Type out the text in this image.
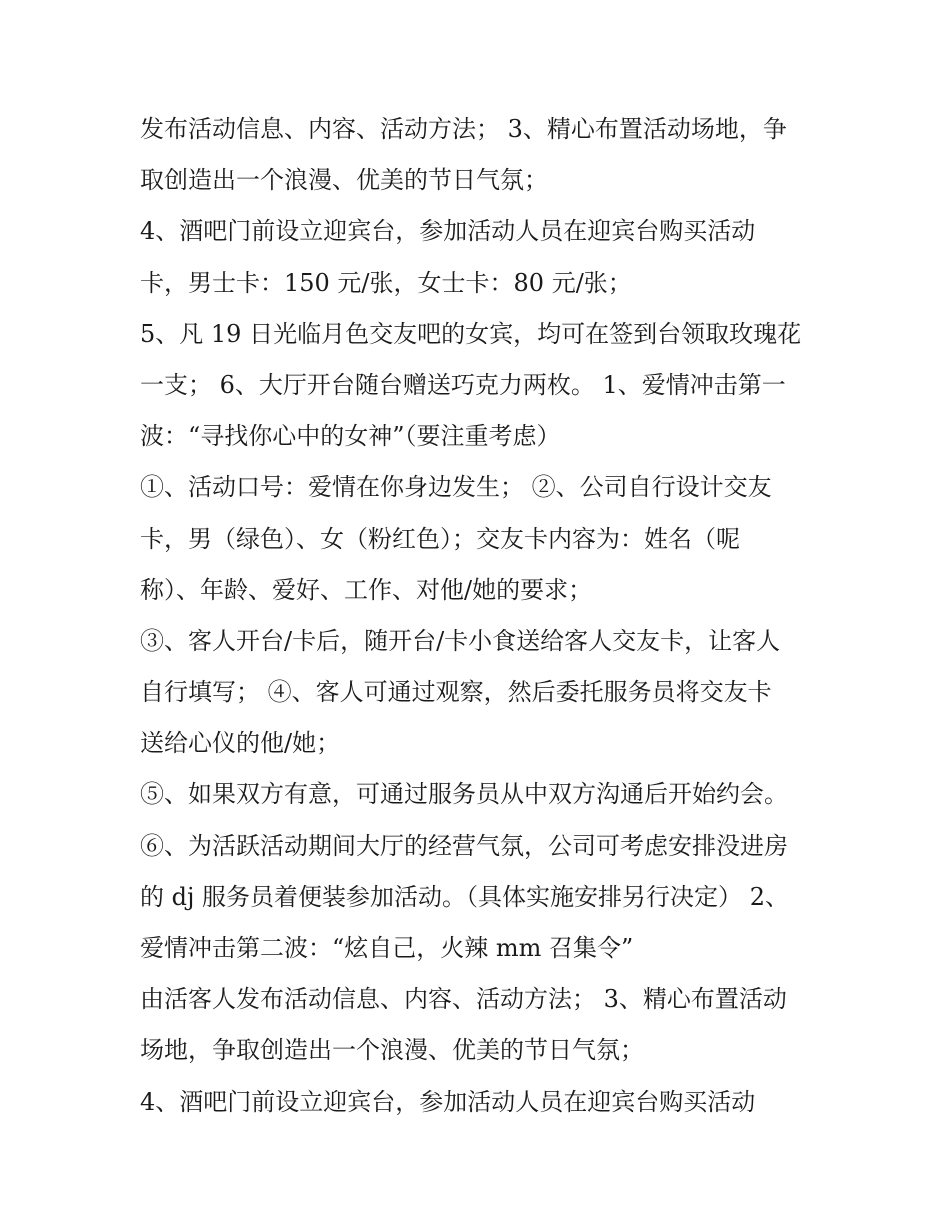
发布活动信息、内容、活动方法； 3、精心布置活动场地，争
取创造出一个浪漫、优美的节日气氛；
4、酒吧门前设立迎宾台，参加活动人员在迎宾台购买活动
卡，男士卡：150 元/张，女士卡：80 元/张；
5、凡 19 日光临月色交友吧的女宾，均可在签到台领取玫瑰花
一支； 6、大厅开台随台赠送巧克力两枚。 1、爱情冲击第一
波：“寻找你心中的女神”（要注重考虑）
①、活动口号：爱情在你身边发生； ②、公司自行设计交友
卡，男（绿色）、女（粉红色）；交友卡内容为：姓名（呢
称）、年龄、爱好、工作、对他/她的要求；
③、客人开台/卡后，随开台/卡小食送给客人交友卡，让客人
自行填写； ④、客人可通过观察，然后委托服务员将交友卡
送给心仪的他/她；
⑤、如果双方有意，可通过服务员从中双方沟通后开始约会。
⑥、为活跃活动期间大厅的经营气氛，公司可考虑安排没进房
的 dj 服务员着便装参加活动。（具体实施安排另行决定） 2、
爱情冲击第二波：“炫自己，火辣 mm 召集令”
由活客人发布活动信息、内容、活动方法； 3、精心布置活动
场地，争取创造出一个浪漫、优美的节日气氛；
4、酒吧门前设立迎宾台，参加活动人员在迎宾台购买活动
